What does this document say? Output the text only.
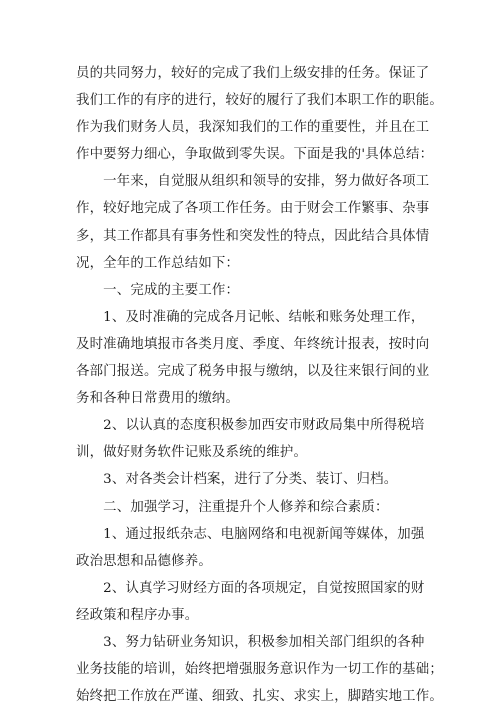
员的共同努力，较好的完成了我们上级安排的任务。保证了
我们工作的有序的进行，较好的履行了我们本职工作的职能。
作为我们财务人员，我深知我们的工作的重要性，并且在工
作中要努力细心，争取做到零失误。下面是我的'具体总结：
　　一年来，自觉服从组织和领导的安排，努力做好各项工
作，较好地完成了各项工作任务。由于财会工作繁事、杂事
多，其工作都具有事务性和突发性的特点，因此结合具体情
况，全年的工作总结如下：
　　一、完成的主要工作：
　　1、及时准确的完成各月记帐、结帐和账务处理工作，
及时准确地填报市各类月度、季度、年终统计报表，按时向
各部门报送。完成了税务申报与缴纳，以及往来银行间的业
务和各种日常费用的缴纳。
　　2、以认真的态度积极参加西安市财政局集中所得税培
训，做好财务软件记账及系统的维护。
　　3、对各类会计档案，进行了分类、装订、归档。
　　二、加强学习，注重提升个人修养和综合素质：
　　1、通过报纸杂志、电脑网络和电视新闻等媒体，加强
政治思想和品德修养。
　　2、认真学习财经方面的各项规定，自觉按照国家的财
经政策和程序办事。
　　3、努力钻研业务知识，积极参加相关部门组织的各种
业务技能的培训，始终把增强服务意识作为一切工作的基础；
始终把工作放在严谨、细致、扎实、求实上，脚踏实地工作。
